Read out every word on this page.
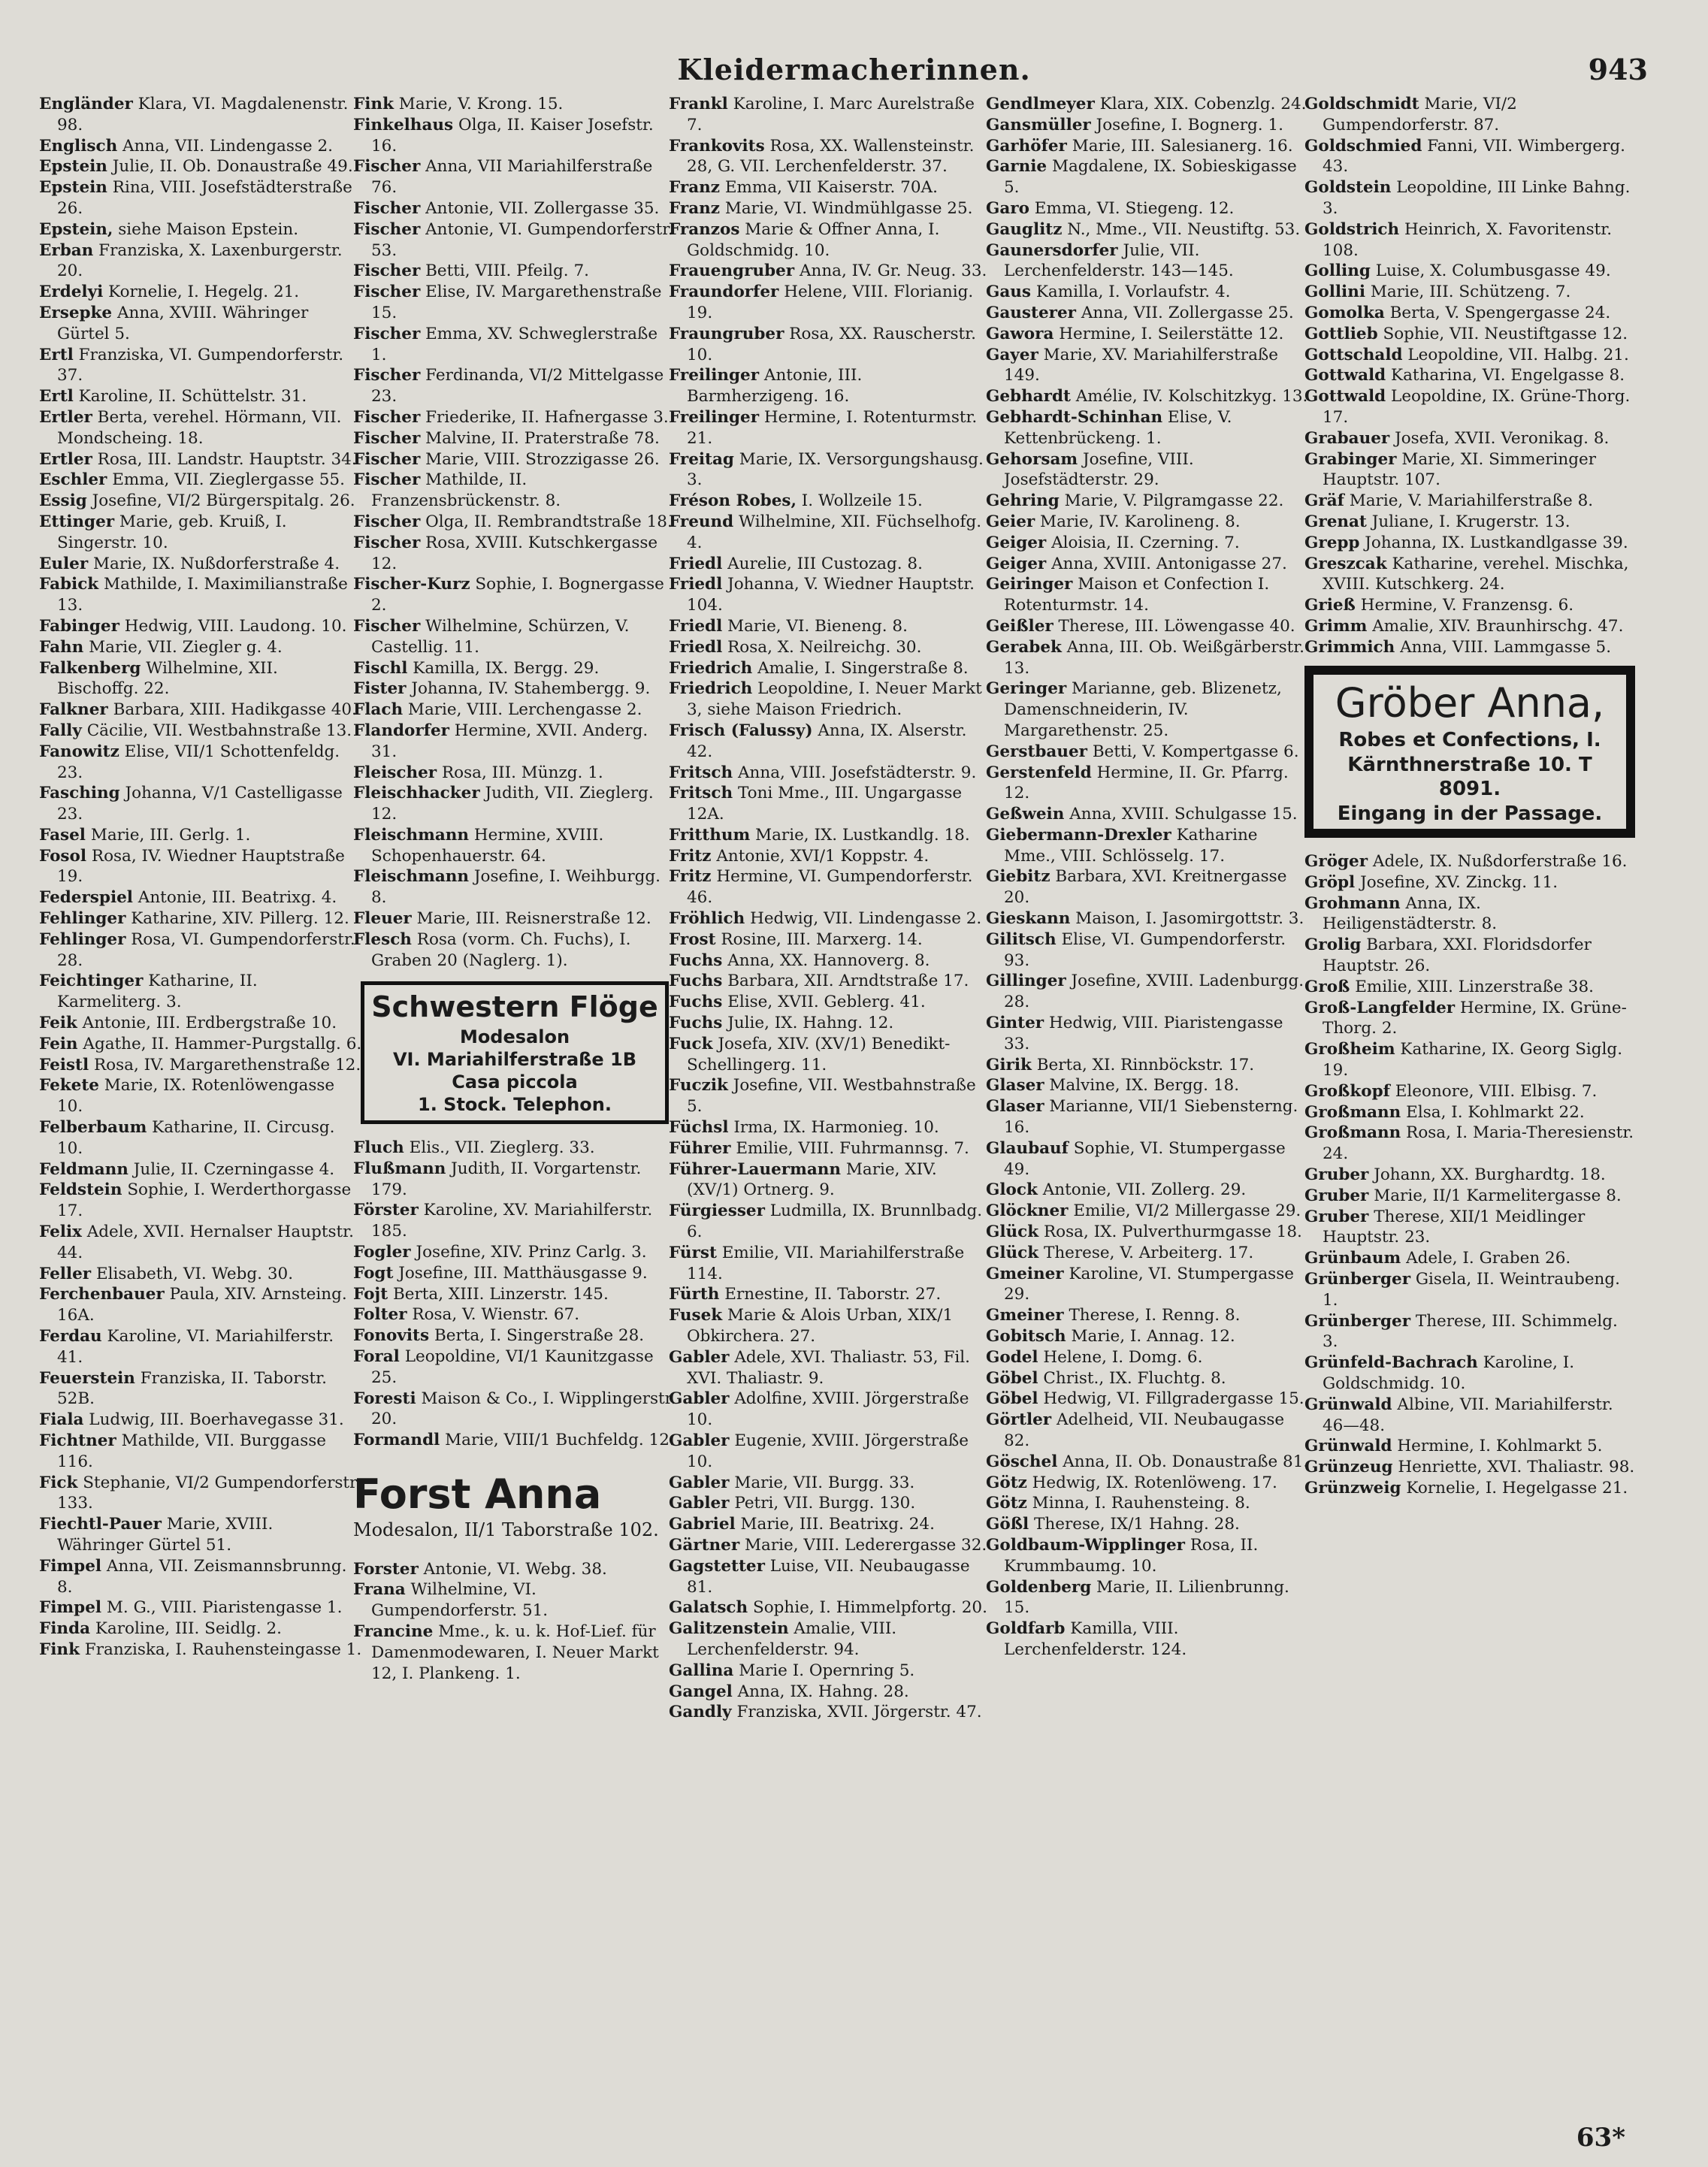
Kleidermacherinnen.	943

Engländer Klara, VI. Magdalenenstr. 98.

Englisch Anna, VII. Lindengasse 2.

Epstein Julie, II. Ob. Donaustraße 49.

Epstein Rina, VIII. Josefstädterstraße 26.

Epstein, siehe Maison Epstein.

Erban Franziska, X. Laxenburgerstr. 20.

Erdelyi Kornelie, I. Hegelg. 21.

Ersepke Anna, XVIII. Währinger Gürtel 5.

Ertl Franziska, VI. Gumpendorferstr. 37.

Ertl Karoline, II. Schüttelstr. 31.

Ertler Berta, verehel. Hörmann, VII. Mondscheing. 18.

Ertler Rosa, III. Landstr. Hauptstr. 34.

Eschler Emma, VII. Zieglergasse 55.

Essig Josefine, VI/2 Bürgerspitalg. 26.

Ettinger Marie, geb. Kruiß, I. Singerstr. 10.

Euler Marie, IX. Nußdorferstraße 4.

Fabick Mathilde, I. Maximilianstraße 13.

Fabinger Hedwig, VIII. Laudong. 10.

Fahn Marie, VII. Ziegler g. 4.

Falkenberg Wilhelmine, XII. Bischoffg. 22.

Falkner Barbara, XIII. Hadikgasse 40.

Fally Cäcilie, VII. Westbahnstraße 13.

Fanowitz Elise, VII/1 Schottenfeldg. 23.

Fasching Johanna, V/1 Castelligasse 23.

Fasel Marie, III. Gerlg. 1.

Fosol Rosa, IV. Wiedner Hauptstraße 19.

Federspiel Antonie, III. Beatrixg. 4.

Fehlinger Katharine, XIV. Pillerg. 12.

Fehlinger Rosa, VI. Gumpendorferstr. 28.

Feichtinger Katharine, II. Karmeliterg. 3.

Feik Antonie, III. Erdbergstraße 10.

Fein Agathe, II. Hammer-Purgstallg. 6.

Feistl Rosa, IV. Margarethenstraße 12.

Fekete Marie, IX. Rotenlöwengasse 10.

Felberbaum Katharine, II. Circusg. 10.

Feldmann Julie, II. Czerningasse 4.

Feldstein Sophie, I. Werderthorgasse 17.

Felix Adele, XVII. Hernalser Hauptstr. 44.

Feller Elisabeth, VI. Webg. 30.

Ferchenbauer Paula, XIV. Arnsteing. 16A.

Ferdau Karoline, VI. Mariahilferstr. 41.

Feuerstein Franziska, II. Taborstr. 52B.

Fiala Ludwig, III. Boerhavegasse 31.

Fichtner Mathilde, VII. Burggasse 116.

Fick Stephanie, VI/2 Gumpendorferstr. 133.

Fiechtl-Pauer Marie, XVIII. Währinger Gürtel 51.

Fimpel Anna, VII. Zeismannsbrunng. 8.

Fimpel M. G., VIII. Piaristengasse 1.

Finda Karoline, III. Seidlg. 2.

Fink Franziska, I. Rauhensteingasse 1.

Fink Marie, V. Krong. 15.

Finkelhaus Olga, II. Kaiser Josefstr. 16.

Fischer Anna, VII Mariahilferstraße 76.

Fischer Antonie, VII. Zollergasse 35.

Fischer Antonie, VI. Gumpendorferstr. 53.

Fischer Betti, VIII. Pfeilg. 7.

Fischer Elise, IV. Margarethenstraße 15.

Fischer Emma, XV. Schweglerstraße 1.

Fischer Ferdinanda, VI/2 Mittelgasse 23.

Fischer Friederike, II. Hafnergasse 3.

Fischer Malvine, II. Praterstraße 78.

Fischer Marie, VIII. Strozzigasse 26.

Fischer Mathilde, II. Franzensbrückenstr. 8.

Fischer Olga, II. Rembrandtstraße 18.

Fischer Rosa, XVIII. Kutschkergasse 12.

Fischer-Kurz Sophie, I. Bognergasse 2.

Fischer Wilhelmine, Schürzen, V. Castellig. 11.

Fischl Kamilla, IX. Bergg. 29.

Fister Johanna, IV. Stahembergg. 9.

Flach Marie, VIII. Lerchengasse 2.

Flandorfer Hermine, XVII. Anderg. 31.

Fleischer Rosa, III. Münzg. 1.

Fleischhacker Judith, VII. Zieglerg. 12.

Fleischmann Hermine, XVIII. Schopenhauerstr. 64.

Fleischmann Josefine, I. Weihburgg. 8.

Fleuer Marie, III. Reisnerstraße 12.

Flesch Rosa (vorm. Ch. Fuchs), I. Graben 20 (Naglerg. 1).

Schwestern Flöge
Modesalon
VI. Mariahilferstraße 1B
Casa piccola
1. Stock. Telephon.

Fluch Elis., VII. Zieglerg. 33.

Flußmann Judith, II. Vorgartenstr. 179.

Förster Karoline, XV. Mariahilferstr. 185.

Fogler Josefine, XIV. Prinz Carlg. 3.

Fogt Josefine, III. Matthäusgasse 9.

Fojt Berta, XIII. Linzerstr. 145.

Folter Rosa, V. Wienstr. 67.

Fonovits Berta, I. Singerstraße 28.

Foral Leopoldine, VI/1 Kaunitzgasse 25.

Foresti Maison & Co., I. Wipplingerstr. 20.

Formandl Marie, VIII/1 Buchfeldg. 12.

Forst Anna
Modesalon, II/1 Taborstraße 102.

Forster Antonie, VI. Webg. 38.

Frana Wilhelmine, VI. Gumpendorferstr. 51.

Francine Mme., k. u. k. Hof-Lief. für Damenmodewaren, I. Neuer Markt 12, I. Plankeng. 1.

Frankl Karoline, I. Marc Aurelstraße 7.

Frankovits Rosa, XX. Wallensteinstr. 28, G. VII. Lerchenfelderstr. 37.

Franz Emma, VII Kaiserstr. 70A.

Franz Marie, VI. Windmühlgasse 25.

Franzos Marie & Offner Anna, I. Goldschmidg. 10.

Frauengruber Anna, IV. Gr. Neug. 33.

Fraundorfer Helene, VIII. Florianig. 19.

Fraungruber Rosa, XX. Rauscherstr. 10.

Freilinger Antonie, III. Barmherzigeng. 16.

Freilinger Hermine, I. Rotenturmstr. 21.

Freitag Marie, IX. Versorgungshausg. 3.

Fréson Robes, I. Wollzeile 15.

Freund Wilhelmine, XII. Füchselhofg. 4.

Friedl Aurelie, III Custozag. 8.

Friedl Johanna, V. Wiedner Hauptstr. 104.

Friedl Marie, VI. Bieneng. 8.

Friedl Rosa, X. Neilreichg. 30.

Friedrich Amalie, I. Singerstraße 8.

Friedrich Leopoldine, I. Neuer Markt 3, siehe Maison Friedrich.

Frisch (Falussy) Anna, IX. Alserstr. 42.

Fritsch Anna, VIII. Josefstädterstr. 9.

Fritsch Toni Mme., III. Ungargasse 12A.

Fritthum Marie, IX. Lustkandlg. 18.

Fritz Antonie, XVI/1 Koppstr. 4.

Fritz Hermine, VI. Gumpendorferstr. 46.

Fröhlich Hedwig, VII. Lindengasse 2.

Frost Rosine, III. Marxerg. 14.

Fuchs Anna, XX. Hannoverg. 8.

Fuchs Barbara, XII. Arndtstraße 17.

Fuchs Elise, XVII. Geblerg. 41.

Fuchs Julie, IX. Hahng. 12.

Fuck Josefa, XIV. (XV/1) Benedikt-Schellingerg. 11.

Fuczik Josefine, VII. Westbahnstraße 5.

Füchsl Irma, IX. Harmonieg. 10.

Führer Emilie, VIII. Fuhrmannsg. 7.

Führer-Lauermann Marie, XIV. (XV/1) Ortnerg. 9.

Fürgiesser Ludmilla, IX. Brunnlbadg. 6.

Fürst Emilie, VII. Mariahilferstraße 114.

Fürth Ernestine, II. Taborstr. 27.

Fusek Marie & Alois Urban, XIX/1 Obkirchera. 27.

Gabler Adele, XVI. Thaliastr. 53, Fil. XVI. Thaliastr. 9.

Gabler Adolfine, XVIII. Jörgerstraße 10.

Gabler Eugenie, XVIII. Jörgerstraße 10.

Gabler Marie, VII. Burgg. 33.

Gabler Petri, VII. Burgg. 130.

Gabriel Marie, III. Beatrixg. 24.

Gärtner Marie, VIII. Lederergasse 32.

Gagstetter Luise, VII. Neubaugasse 81.

Galatsch Sophie, I. Himmelpfortg. 20.

Galitzenstein Amalie, VIII. Lerchenfelderstr. 94.

Gallina Marie I. Opernring 5.

Gangel Anna, IX. Hahng. 28.

Gandly Franziska, XVII. Jörgerstr. 47.

Gendlmeyer Klara, XIX. Cobenzlg. 24.

Gansmüller Josefine, I. Bognerg. 1.

Garhöfer Marie, III. Salesianerg. 16.

Garnie Magdalene, IX. Sobieskigasse 5.

Garo Emma, VI. Stiegeng. 12.

Gauglitz N., Mme., VII. Neustiftg. 53.

Gaunersdorfer Julie, VII. Lerchenfelderstr. 143—145.

Gaus Kamilla, I. Vorlaufstr. 4.

Gausterer Anna, VII. Zollergasse 25.

Gawora Hermine, I. Seilerstätte 12.

Gayer Marie, XV. Mariahilferstraße 149.

Gebhardt Amélie, IV. Kolschitzkyg. 13.

Gebhardt-Schinhan Elise, V. Kettenbrückeng. 1.

Gehorsam Josefine, VIII. Josefstädterstr. 29.

Gehring Marie, V. Pilgramgasse 22.

Geier Marie, IV. Karolineng. 8.

Geiger Aloisia, II. Czerning. 7.

Geiger Anna, XVIII. Antonigasse 27.

Geiringer Maison et Confection I. Rotenturmstr. 14.

Geißler Therese, III. Löwengasse 40.

Gerabek Anna, III. Ob. Weißgärberstr. 13.

Geringer Marianne, geb. Blizenetz, Damenschneiderin, IV. Margarethenstr. 25.

Gerstbauer Betti, V. Kompertgasse 6.

Gerstenfeld Hermine, II. Gr. Pfarrg. 12.

Geßwein Anna, XVIII. Schulgasse 15.

Giebermann-Drexler Katharine Mme., VIII. Schlösselg. 17.

Giebitz Barbara, XVI. Kreitnergasse 20.

Gieskann Maison, I. Jasomirgottstr. 3.

Gilitsch Elise, VI. Gumpendorferstr. 93.

Gillinger Josefine, XVIII. Ladenburgg. 28.

Ginter Hedwig, VIII. Piaristengasse 33.

Girik Berta, XI. Rinnböckstr. 17.

Glaser Malvine, IX. Bergg. 18.

Glaser Marianne, VII/1 Siebensterng. 16.

Glaubauf Sophie, VI. Stumpergasse 49.

Glock Antonie, VII. Zollerg. 29.

Glöckner Emilie, VI/2 Millergasse 29.

Glück Rosa, IX. Pulverthurmgasse 18.

Glück Therese, V. Arbeiterg. 17.

Gmeiner Karoline, VI. Stumpergasse 29.

Gmeiner Therese, I. Renng. 8.

Gobitsch Marie, I. Annag. 12.

Godel Helene, I. Domg. 6.

Göbel Christ., IX. Fluchtg. 8.

Göbel Hedwig, VI. Fillgradergasse 15.

Görtler Adelheid, VII. Neubaugasse 82.

Göschel Anna, II. Ob. Donaustraße 81.

Götz Hedwig, IX. Rotenlöweng. 17.

Götz Minna, I. Rauhensteing. 8.

Gößl Therese, IX/1 Hahng. 28.

Goldbaum-Wipplinger Rosa, II. Krummbaumg. 10.

Goldenberg Marie, II. Lilienbrunng. 15.

Goldfarb Kamilla, VIII. Lerchenfelderstr. 124.

Goldschmidt Marie, VI/2 Gumpendorferstr. 87.

Goldschmied Fanni, VII. Wimbergerg. 43.

Goldstein Leopoldine, III Linke Bahng. 3.

Goldstrich Heinrich, X. Favoritenstr. 108.

Golling Luise, X. Columbusgasse 49.

Gollini Marie, III. Schützeng. 7.

Gomolka Berta, V. Spengergasse 24.

Gottlieb Sophie, VII. Neustiftgasse 12.

Gottschald Leopoldine, VII. Halbg. 21.

Gottwald Katharina, VI. Engelgasse 8.

Gottwald Leopoldine, IX. Grüne-Thorg. 17.

Grabauer Josefa, XVII. Veronikag. 8.

Grabinger Marie, XI. Simmeringer Hauptstr. 107.

Gräf Marie, V. Mariahilferstraße 8.

Grenat Juliane, I. Krugerstr. 13.

Grepp Johanna, IX. Lustkandlgasse 39.

Greszcak Katharine, verehel. Mischka, XVIII. Kutschkerg. 24.

Grieß Hermine, V. Franzensg. 6.

Grimm Amalie, XIV. Braunhirschg. 47.

Grimmich Anna, VIII. Lammgasse 5.

Gröber Anna,
Robes et Confections, I. Kärnthnerstraße 10. T 8091.
Eingang in der Passage.

Gröger Adele, IX. Nußdorferstraße 16.

Gröpl Josefine, XV. Zinckg. 11.

Grohmann Anna, IX. Heiligenstädterstr. 8.

Grolig Barbara, XXI. Floridsdorfer Hauptstr. 26.

Groß Emilie, XIII. Linzerstraße 38.

Groß-Langfelder Hermine, IX. Grüne-Thorg. 2.

Großheim Katharine, IX. Georg Siglg. 19.

Großkopf Eleonore, VIII. Elbisg. 7.

Großmann Elsa, I. Kohlmarkt 22.

Großmann Rosa, I. Maria-Theresienstr. 24.

Gruber Johann, XX. Burghardtg. 18.

Gruber Marie, II/1 Karmelitergasse 8.

Gruber Therese, XII/1 Meidlinger Hauptstr. 23.

Grünbaum Adele, I. Graben 26.

Grünberger Gisela, II. Weintraubeng. 1.

Grünberger Therese, III. Schimmelg. 3.

Grünfeld-Bachrach Karoline, I. Goldschmidg. 10.

Grünwald Albine, VII. Mariahilferstr. 46—48.

Grünwald Hermine, I. Kohlmarkt 5.

Grünzeug Henriette, XVI. Thaliastr. 98.

Grünzweig Kornelie, I. Hegelgasse 21.

63*
